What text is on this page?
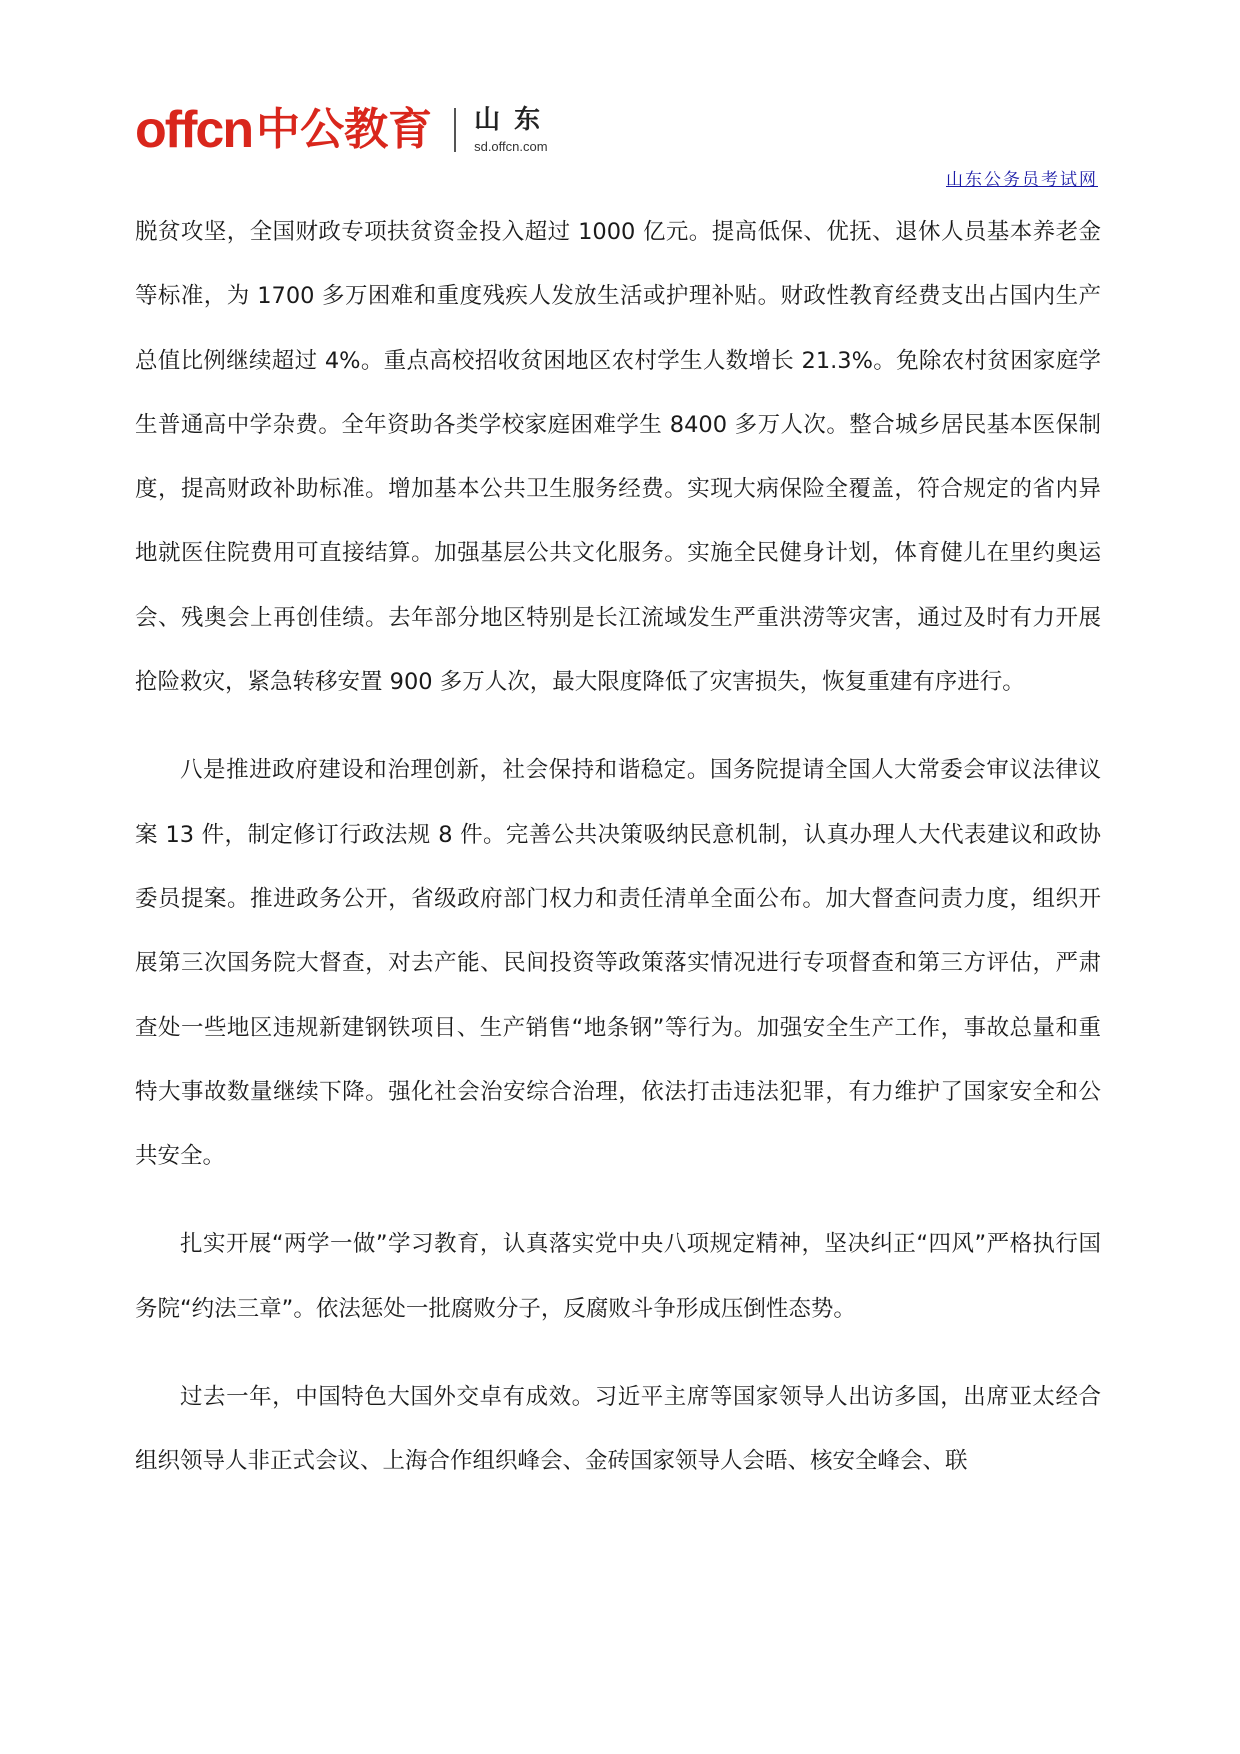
offcn 中公教育 山东
sd.offcn.com
山东公务员考试网

脱贫攻坚，全国财政专项扶贫资金投入超过 1000 亿元。提高低保、优抚、退休人员基本养老金等标准，为 1700 多万困难和重度残疾人发放生活或护理补贴。财政性教育经费支出占国内生产总值比例继续超过 4%。重点高校招收贫困地区农村学生人数增长 21.3%。免除农村贫困家庭学生普通高中学杂费。全年资助各类学校家庭困难学生 8400 多万人次。整合城乡居民基本医保制度，提高财政补助标准。增加基本公共卫生服务经费。实现大病保险全覆盖，符合规定的省内异地就医住院费用可直接结算。加强基层公共文化服务。实施全民健身计划，体育健儿在里约奥运会、残奥会上再创佳绩。去年部分地区特别是长江流域发生严重洪涝等灾害，通过及时有力开展抢险救灾，紧急转移安置 900 多万人次，最大限度降低了灾害损失，恢复重建有序进行。

八是推进政府建设和治理创新，社会保持和谐稳定。国务院提请全国人大常委会审议法律议案 13 件，制定修订行政法规 8 件。完善公共决策吸纳民意机制，认真办理人大代表建议和政协委员提案。推进政务公开，省级政府部门权力和责任清单全面公布。加大督查问责力度，组织开展第三次国务院大督查，对去产能、民间投资等政策落实情况进行专项督查和第三方评估，严肃查处一些地区违规新建钢铁项目、生产销售“地条钢”等行为。加强安全生产工作，事故总量和重特大事故数量继续下降。强化社会治安综合治理，依法打击违法犯罪，有力维护了国家安全和公共安全。

扎实开展“两学一做”学习教育，认真落实党中央八项规定精神，坚决纠正“四风”严格执行国务院“约法三章”。依法惩处一批腐败分子，反腐败斗争形成压倒性态势。

过去一年，中国特色大国外交卓有成效。习近平主席等国家领导人出访多国，出席亚太经合组织领导人非正式会议、上海合作组织峰会、金砖国家领导人会晤、核安全峰会、联
